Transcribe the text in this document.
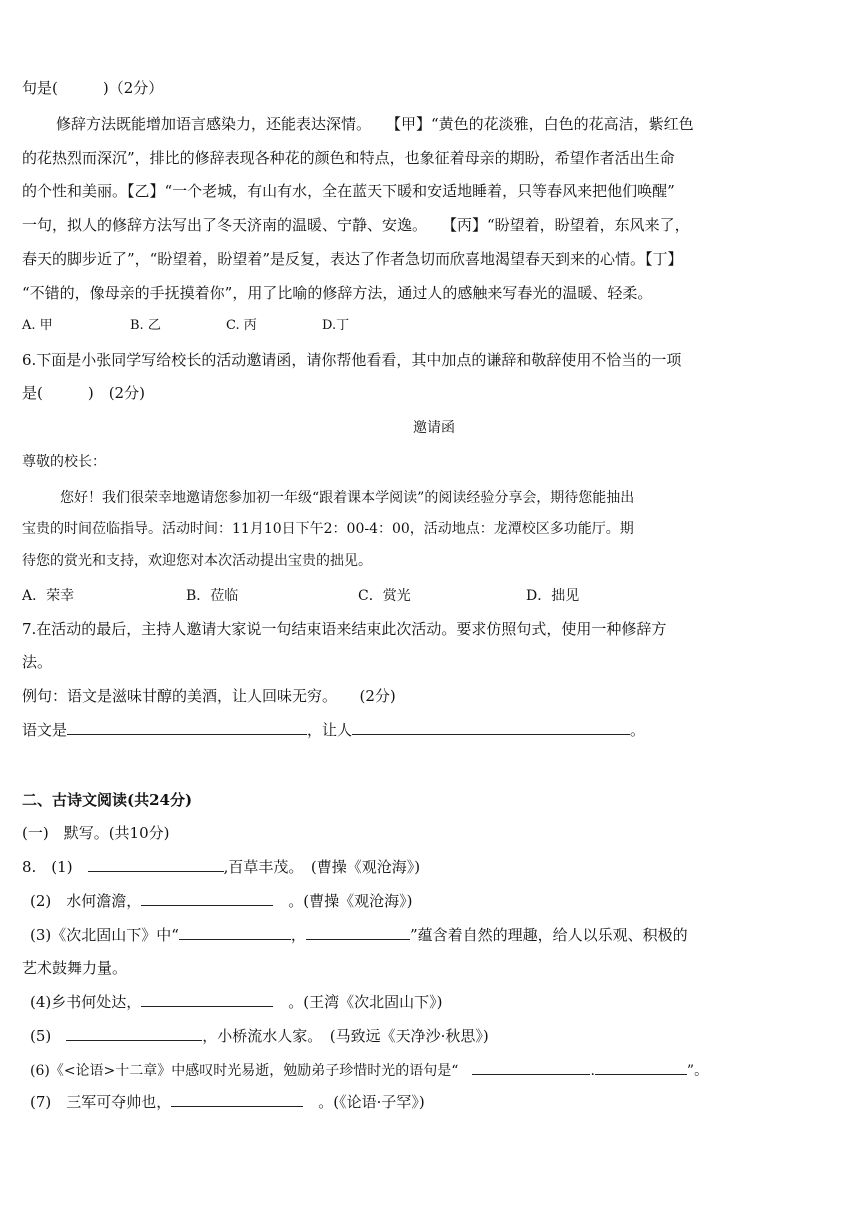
句是(　　　)（2分）
修辞方法既能增加语言感染力，还能表达深情。　　【甲】“黄色的花淡雅，白色的花高洁，紫红色
的花热烈而深沉”，排比的修辞表现各种花的颜色和特点，也象征着母亲的期盼，希望作者活出生命
的个性和美丽。【乙】“一个老城，有山有水，全在蓝天下暖和安适地睡着，只等春风来把他们唤醒”
一句，拟人的修辞方法写出了冬天济南的温暖、宁静、安逸。　　【丙】“盼望着，盼望着，东风来了，
春天的脚步近了”，“盼望着，盼望着”是反复，表达了作者急切而欣喜地渴望春天到来的心情。【丁】
“不错的，像母亲的手抚摸着你”，用了比喻的修辞方法，通过人的感触来写春光的温暖、轻柔。
A. 甲	B. 乙	C. 丙	D.丁
6.下面是小张同学写给校长的活动邀请函，请你帮他看看，其中加点的谦辞和敬辞使用不恰当的一项
是(　　　)　(2分)
邀请函
尊敬的校长：
您好！我们很荣幸地邀请您参加初一年级“跟着课本学阅读”的阅读经验分享会，期待您能抽出
宝贵的时间莅临指导。活动时间：11月10日下午2：00-4：00，活动地点：龙潭校区多功能厅。期
待您的赏光和支持，欢迎您对本次活动提出宝贵的拙见。
A．荣幸	B．莅临	C．赏光	D．拙见
7.在活动的最后，主持人邀请大家说一句结束语来结束此次活动。要求仿照句式，使用一种修辞方
法。
例句：语文是滋味甘醇的美酒，让人回味无穷。　　(2分)
语文是	，让人	。
二、古诗文阅读(共24分)
(一)　默写。(共10分)
8.　(1)　	,百草丰茂。　(曹操《观沧海》)
(2)　水何澹澹，　	。(曹操《观沧海》)
(3)《次北固山下》中“	，	”蕴含着自然的理趣，给人以乐观、积极的
艺术鼓舞力量。
(4)乡书何处达，　	。(王湾《次北固山下》)
(5)　	，小桥流水人家。　(马致远《天净沙·秋思》)
(6)《<论语>十二章》中感叹时光易逝，勉励弟子珍惜时光的语句是“　	.	”。
(7)　三军可夺帅也，　	。(《论语·子罕》)
